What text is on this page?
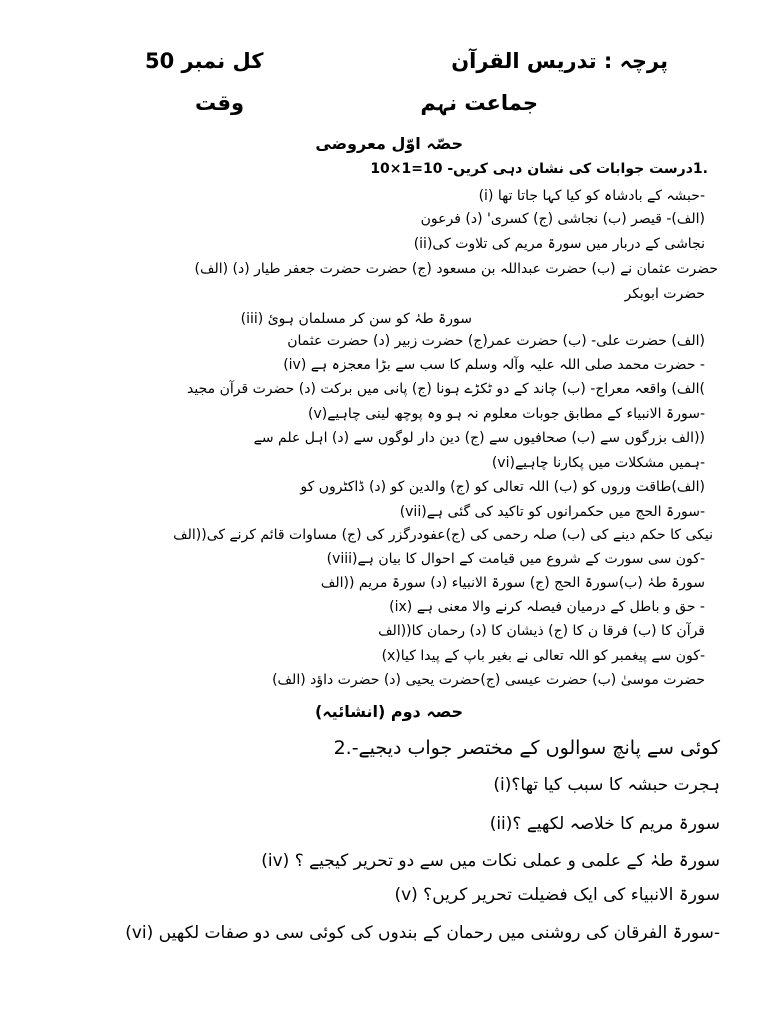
پرچہ : تدریس القرآن
کل نمبر 50
جماعت نہم
وقت
حصّہ اوّل معروضی
.1درست جوابات کی نشان دہی کریں- 10=1×10
(i) حبشہ کے بادشاہ کو کیا کہا جاتا تھا-
(الف)- قیصر (ب) نجاشی (ج) کسری' (د) فرعون
(ii)نجاشی کے دربار میں سورۃ مریم کی تلاوت کی
حضرت عثمان نے (ب) حضرت عبداللہ بن مسعود (ج) حضرت حضرت جعفر طیار (د) (الف)
حضرت ابوبکر
(iii) سورۃ طہٰ کو سن کر مسلمان ہوئ
(الف) حضرت علی- (ب) حضرت عمر(ج) حضرت زبیر (د) حضرت عثمان
(iv) حضرت محمد صلی اللہ علیہ وآلہ وسلم کا سب سے بڑا معجزہ ہے -
)الف) واقعہ معراج- (ب) چاند کے دو ٹکڑے ہونا (ج) پانی میں برکت (د) حضرت قرآن مجید
(v)سورۃ الانبیاء کے مطابق جوبات معلوم نہ ہو وہ پوچھ لینی چاہیے-
((الف بزرگوں سے (ب) صحافیوں سے (ج) دین دار لوگوں سے (د) اہل علم سے
(vi)ہمیں مشکلات میں پکارنا چاہیے-
(الف)طاقت وروں کو (ب) اللہ تعالی کو (ج) والدین کو (د) ڈاکٹروں کو
(vii)سورۃ الحج میں حکمرانوں کو تاکید کی گئی ہے-
نیکی کا حکم دینے کی (ب) صلہ رحمی کی (ج)عفودرگزر کی (ج) مساوات قائم کرنے کی((الف
(viii)کون سی سورت کے شروع میں قیامت کے احوال کا بیان ہے-
سورۃ طہٰ (ب)سورۃ الحج (ج) سورۃ الانبیاء (د) سورۃ مریم ((الف
(ix) حق و باطل کے درمیان فیصلہ کرنے والا معنی ہے -
قرآن کا (ب) فرقا ن کا (ج) ذیشان کا (د) رحمان کا((الف
(x)کون سے پیغمبر کو اللہ تعالی نے بغیر باپ کے پیدا کیا-
حضرت موسیٰ (ب) حضرت عیسی (ج)حضرت یحیی (د) حضرت داؤد (الف)
حصہ دوم (انشائیہ)
کوئی سے پانچ سوالوں کے مختصر جواب دیجیے-.2
(i)ہجرت حبشہ کا سبب کیا تھا؟
(ii)سورۃ مریم کا خلاصہ لکھیے ؟
(iv) سورۃ طہٰ کے علمی و عملی نکات میں سے دو تحریر کیجیے ؟
(v) سورۃ الانبیاء کی ایک فضیلت تحریر کریں؟
(vi) سورۃ الفرقان کی روشنی میں رحمان کے بندوں کی کوئی سی دو صفات لکھیں-
